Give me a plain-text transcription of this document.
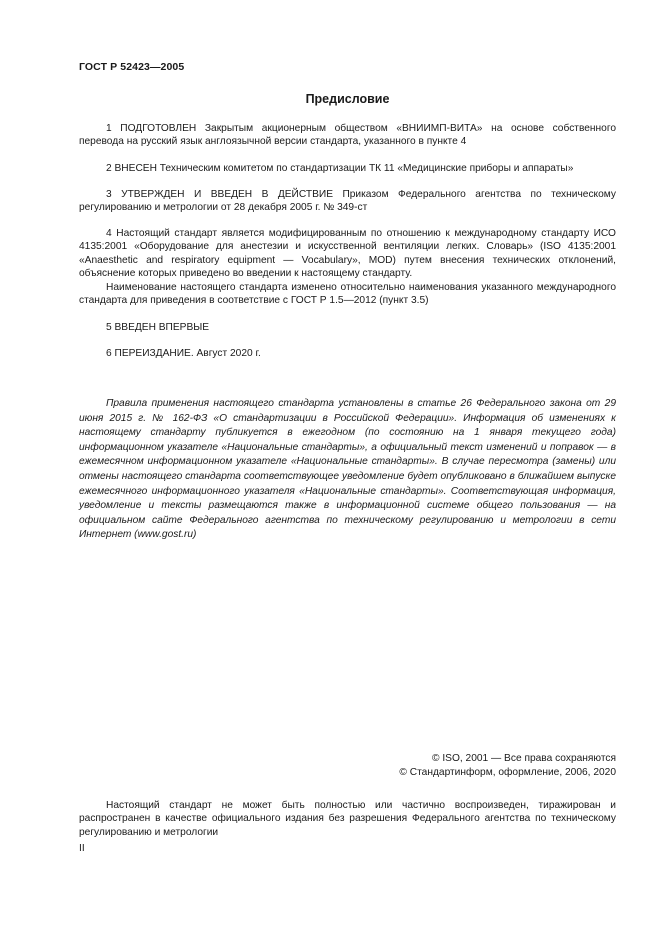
ГОСТ Р 52423—2005
Предисловие

1 ПОДГОТОВЛЕН Закрытым акционерным обществом «ВНИИМП-ВИТА» на основе собственного перевода на русский язык англоязычной версии стандарта, указанного в пункте 4

2 ВНЕСЕН Техническим комитетом по стандартизации ТК 11 «Медицинские приборы и аппараты»

3 УТВЕРЖДЕН И ВВЕДЕН В ДЕЙСТВИЕ Приказом Федерального агентства по техническому регулированию и метрологии от 28 декабря 2005 г. № 349-ст

4 Настоящий стандарт является модифицированным по отношению к международному стандарту ИСО 4135:2001 «Оборудование для анестезии и искусственной вентиляции легких. Словарь» (ISO 4135:2001 «Anaesthetic and respiratory equipment — Vocabulary», MOD) путем внесения технических отклонений, объяснение которых приведено во введении к настоящему стандарту.

Наименование настоящего стандарта изменено относительно наименования указанного международного стандарта для приведения в соответствие с ГОСТ Р 1.5—2012 (пункт 3.5)

5 ВВЕДЕН ВПЕРВЫЕ

6 ПЕРЕИЗДАНИЕ. Август 2020 г.

Правила применения настоящего стандарта установлены в статье 26 Федерального закона от 29 июня 2015 г. № 162-ФЗ «О стандартизации в Российской Федерации». Информация об изменениях к настоящему стандарту публикуется в ежегодном (по состоянию на 1 января текущего года) информационном указателе «Национальные стандарты», а официальный текст изменений и поправок — в ежемесячном информационном указателе «Национальные стандарты». В случае пересмотра (замены) или отмены настоящего стандарта соответствующее уведомление будет опубликовано в ближайшем выпуске ежемесячного информационного указателя «Национальные стандарты». Соответствующая информация, уведомление и тексты размещаются также в информационной системе общего пользования — на официальном сайте Федерального агентства по техническому регулированию и метрологии в сети Интернет (www.gost.ru)

© ISO, 2001 — Все права сохраняются
© Стандартинформ, оформление, 2006, 2020

Настоящий стандарт не может быть полностью или частично воспроизведен, тиражирован и распространен в качестве официального издания без разрешения Федерального агентства по техническому регулированию и метрологии

II
